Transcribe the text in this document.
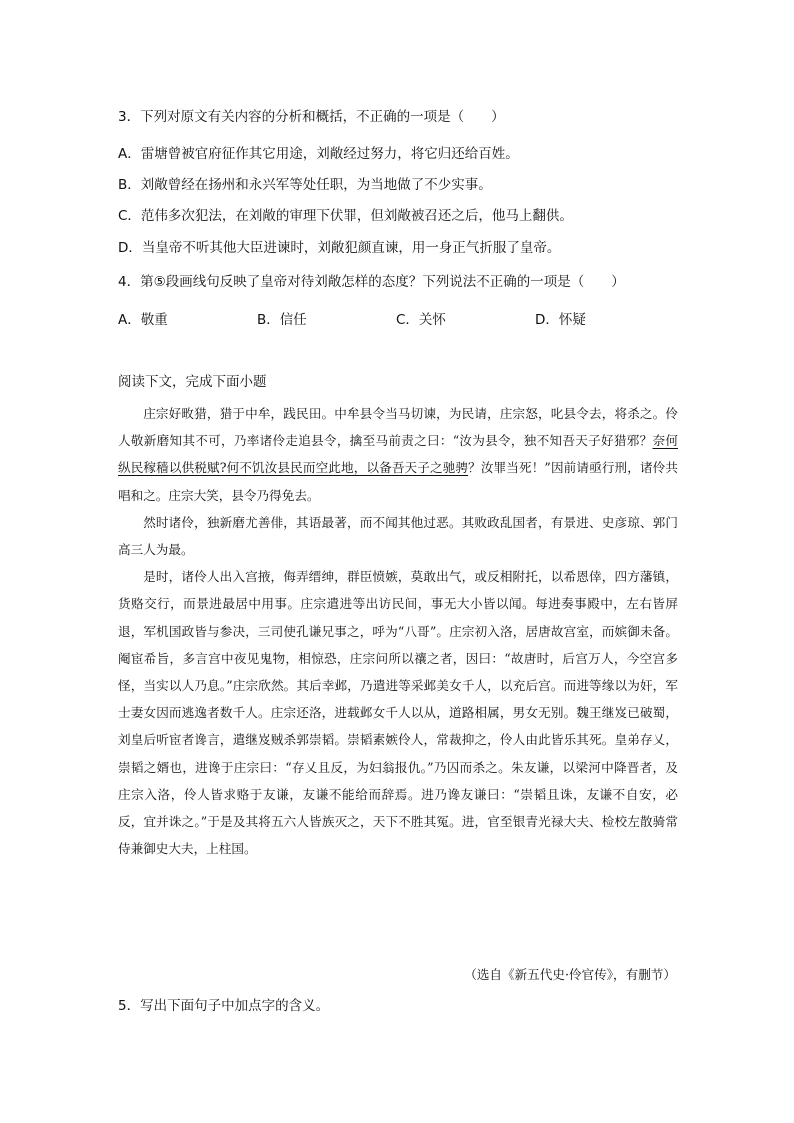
3．下列对原文有关内容的分析和概括，不正确的一项是（　　）
A．雷塘曾被官府征作其它用途，刘敞经过努力，将它归还给百姓。
B．刘敞曾经在扬州和永兴军等处任职，为当地做了不少实事。
C．范伟多次犯法，在刘敞的审理下伏罪，但刘敞被召还之后，他马上翻供。
D．当皇帝不听其他大臣进谏时，刘敞犯颜直谏，用一身正气折服了皇帝。
4．第⑤段画线句反映了皇帝对待刘敞怎样的态度？下列说法不正确的一项是（　　）
A．敬重	B．信任	C．关怀	D．怀疑
阅读下文，完成下面小题

庄宗好畋猎，猎于中牟，践民田。中牟县令当马切谏，为民请，庄宗怒，叱县令去，将杀之。伶人敬新磨知其不可，乃率诸伶走追县令，擒至马前责之曰：“汝为县令，独不知吾天子好猎邪？奈何纵民稼穑以供税赋?何不饥汝县民而空此地，以备吾天子之驰骋？汝罪当死！”因前请亟行刑，诸伶共唱和之。庄宗大笑，县令乃得免去。

然时诸伶，独新磨尤善俳，其语最著，而不闻其他过恶。其败政乱国者，有景进、史彦琼、郭门高三人为最。

是时，诸伶人出入宫掖，侮弄缙绅，群臣愤嫉，莫敢出气，或反相附托，以希恩倖，四方藩镇，货赂交行，而景进最居中用事。庄宗遣进等出访民间，事无大小皆以闻。每进奏事殿中，左右皆屏退，军机国政皆与参决，三司使孔谦兄事之，呼为“八哥”。庄宗初入洛，居唐故宫室，而嫔御未备。阉宦希旨，多言宫中夜见鬼物，相惊恐，庄宗问所以禳之者，因曰：“故唐时，后宫万人，今空宫多怪，当实以人乃息。”庄宗欣然。其后幸邺，乃遣进等采邺美女千人，以充后宫。而进等缘以为奸，军士妻女因而逃逸者数千人。庄宗还洛，进载邺女千人以从，道路相属，男女无别。魏王继岌已破蜀，刘皇后听宦者谗言，遣继岌贼杀郭崇韬。崇韬素嫉伶人，常裁抑之，伶人由此皆乐其死。皇弟存乂，崇韬之婿也，进谗于庄宗曰：“存乂且反，为妇翁报仇。”乃囚而杀之。朱友谦，以梁河中降晋者，及庄宗入洛，伶人皆求赂于友谦，友谦不能给而辞焉。进乃谗友谦曰：“崇韬且诛，友谦不自安，必反，宜并诛之。”于是及其将五六人皆族灭之，天下不胜其冤。进，官至银青光禄大夫、检校左散骑常侍兼御史大夫，上柱国。

（选自《新五代史·伶官传》，有删节）
5．写出下面句子中加点字的含义。
